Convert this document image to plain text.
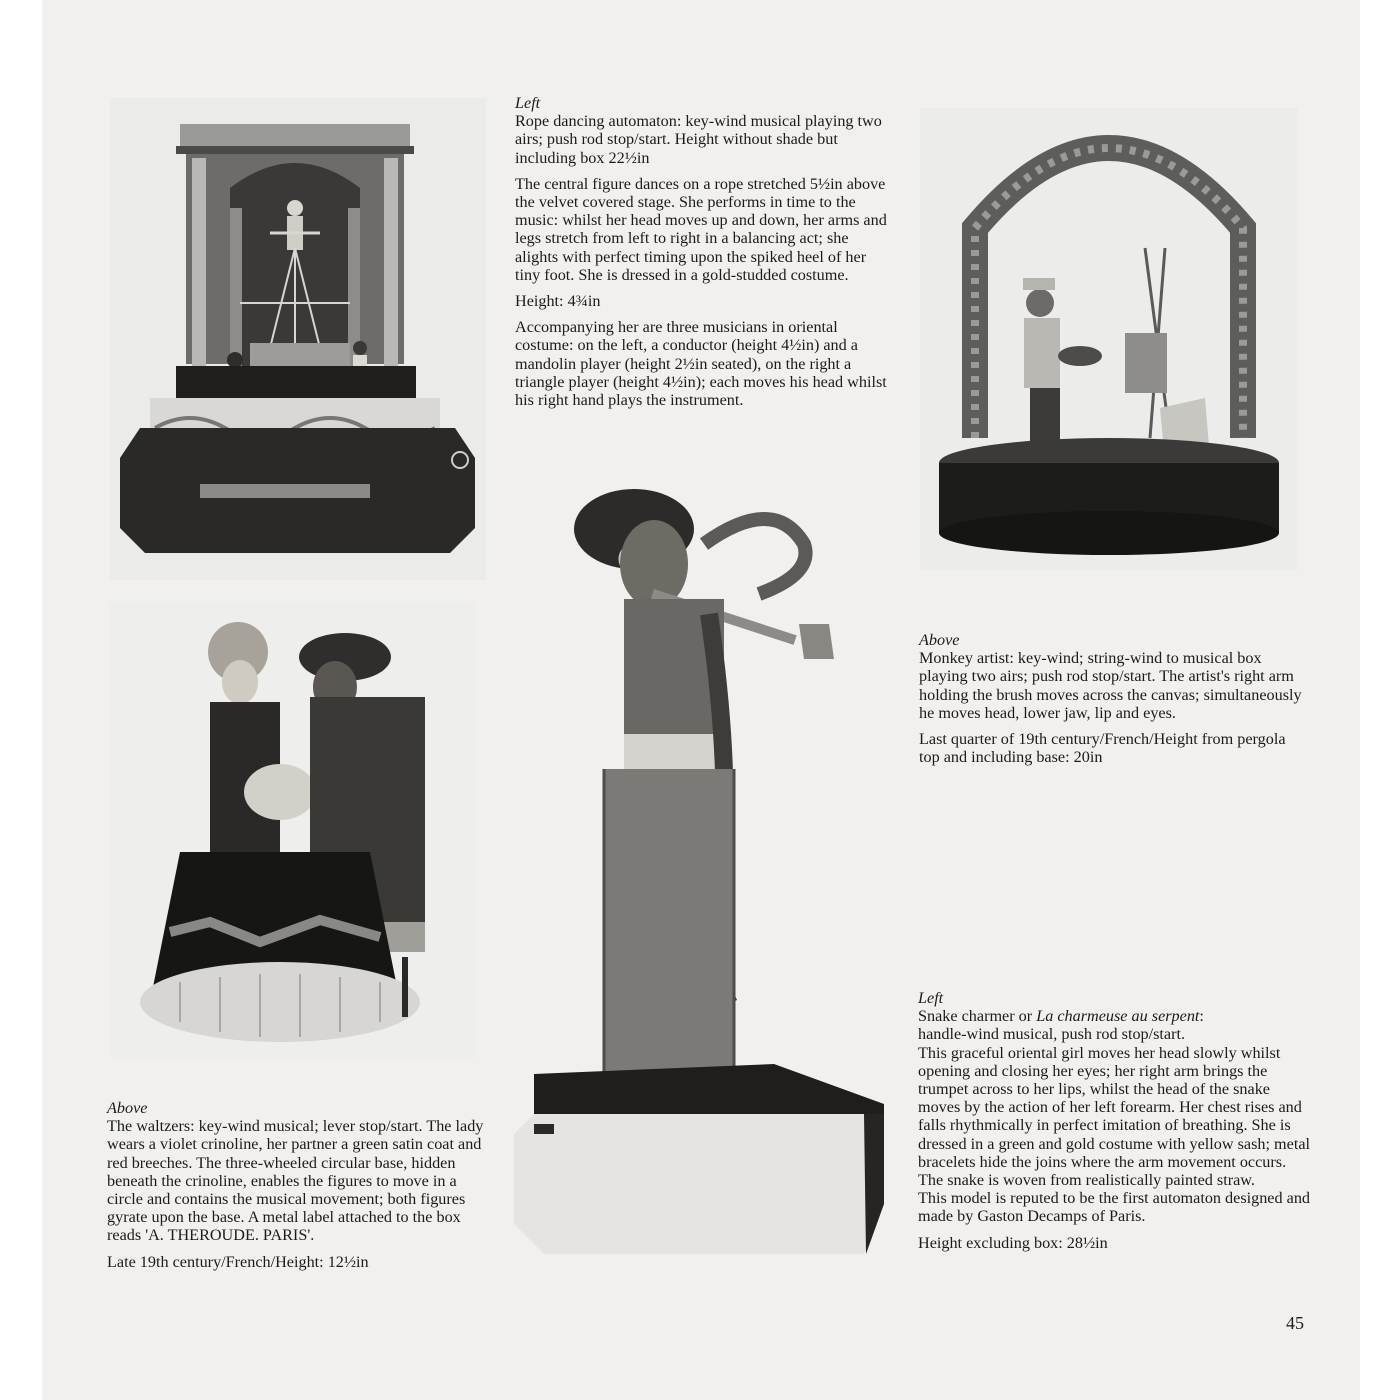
Left

Rope dancing automaton: key-wind musical playing two airs; push rod stop/start. Height without shade but including box 22½in

The central figure dances on a rope stretched 5½in above the velvet covered stage. She performs in time to the music: whilst her head moves up and down, her arms and legs stretch from left to right in a balancing act; she alights with perfect timing upon the spiked heel of her tiny foot. She is dressed in a gold-studded costume.

Height: 4¾in

Accompanying her are three musicians in oriental costume: on the left, a conductor (height 4½in) and a mandolin player (height 2½in seated), on the right a triangle player (height 4½in); each moves his head whilst his right hand plays the instrument.

Above

Monkey artist: key-wind; string-wind to musical box playing two airs; push rod stop/start. The artist's right arm holding the brush moves across the canvas; simultaneously he moves head, lower jaw, lip and eyes.

Last quarter of 19th century/French/Height from pergola top and including base: 20in

Above

The waltzers: key-wind musical; lever stop/start. The lady wears a violet crinoline, her partner a green satin coat and red breeches. The three-wheeled circular base, hidden beneath the crinoline, enables the figures to move in a circle and contains the musical movement; both figures gyrate upon the base. A metal label attached to the box reads 'A. THEROUDE. PARIS'.

Late 19th century/French/Height: 12½in

Left
Snake charmer or La charmeuse au serpent:
handle-wind musical, push rod stop/start.
This graceful oriental girl moves her head slowly whilst opening and closing her eyes; her right arm brings the trumpet across to her lips, whilst the head of the snake moves by the action of her left forearm. Her chest rises and falls rhythmically in perfect imitation of breathing. She is dressed in a green and gold costume with yellow sash; metal bracelets hide the joins where the arm movement occurs.
The snake is woven from realistically painted straw.

This model is reputed to be the first automaton designed and made by Gaston Decamps of Paris.

Height excluding box: 28½in

45
